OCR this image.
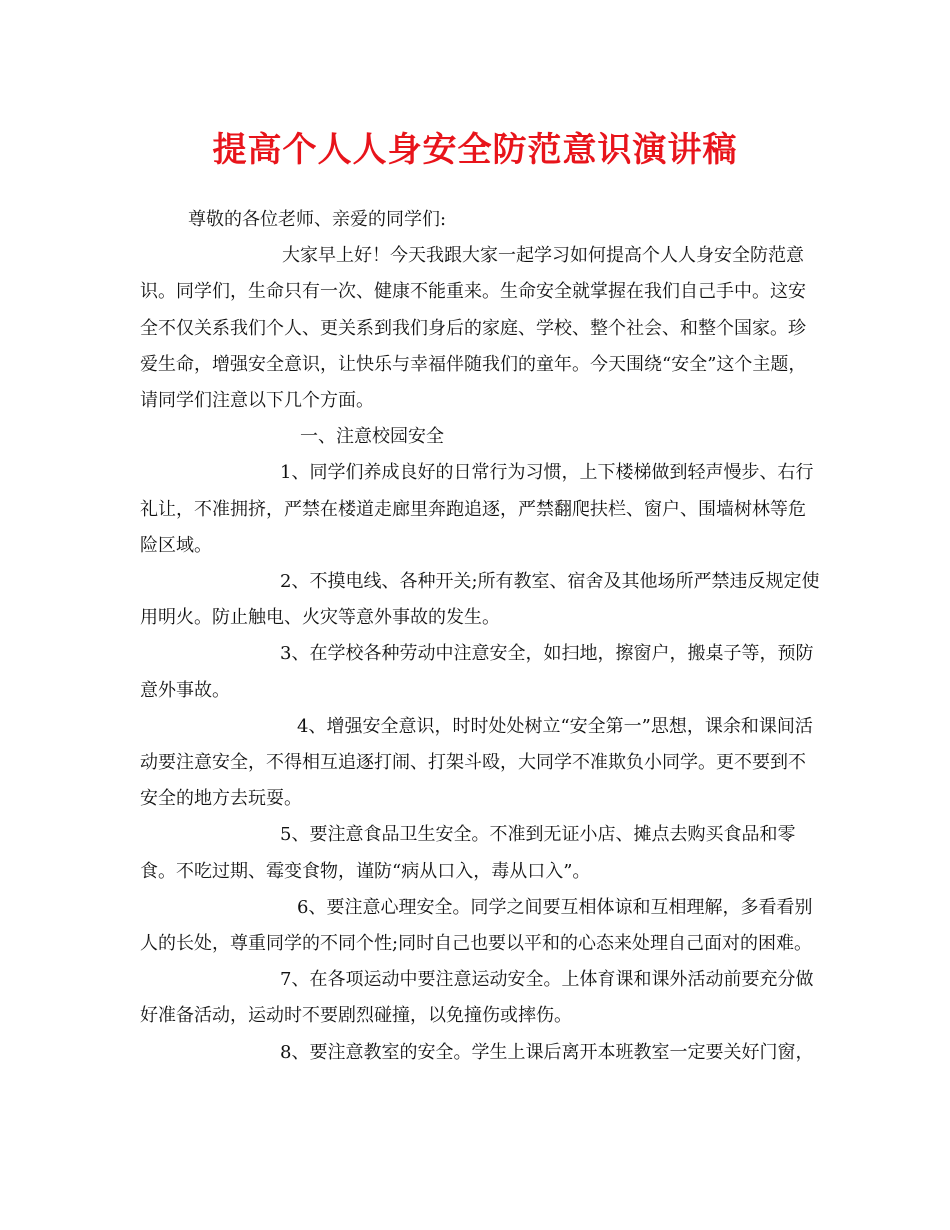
提高个人人身安全防范意识演讲稿

尊敬的各位老师、亲爱的同学们:

大家早上好！今天我跟大家一起学习如何提高个人人身安全防范意识。同学们，生命只有一次、健康不能重来。生命安全就掌握在我们自己手中。这安全不仅关系我们个人、更关系到我们身后的家庭、学校、整个社会、和整个国家。珍爱生命，增强安全意识，让快乐与幸福伴随我们的童年。今天围绕“安全”这个主题，请同学们注意以下几个方面。

一、注意校园安全

1、同学们养成良好的日常行为习惯，上下楼梯做到轻声慢步、右行礼让，不准拥挤，严禁在楼道走廊里奔跑追逐，严禁翻爬扶栏、窗户、围墙树林等危险区域。

2、不摸电线、各种开关;所有教室、宿舍及其他场所严禁违反规定使用明火。防止触电、火灾等意外事故的发生。

3、在学校各种劳动中注意安全，如扫地，擦窗户，搬桌子等，预防意外事故。

4、增强安全意识，时时处处树立“安全第一”思想，课余和课间活动要注意安全，不得相互追逐打闹、打架斗殴，大同学不准欺负小同学。更不要到不安全的地方去玩耍。

5、要注意食品卫生安全。不准到无证小店、摊点去购买食品和零食。不吃过期、霉变食物，谨防“病从口入，毒从口入”。

6、要注意心理安全。同学之间要互相体谅和互相理解，多看看别人的长处，尊重同学的不同个性;同时自己也要以平和的心态来处理自己面对的困难。

7、在各项运动中要注意运动安全。上体育课和课外活动前要充分做好准备活动，运动时不要剧烈碰撞，以免撞伤或摔伤。

8、要注意教室的安全。学生上课后离开本班教室一定要关好门窗，
